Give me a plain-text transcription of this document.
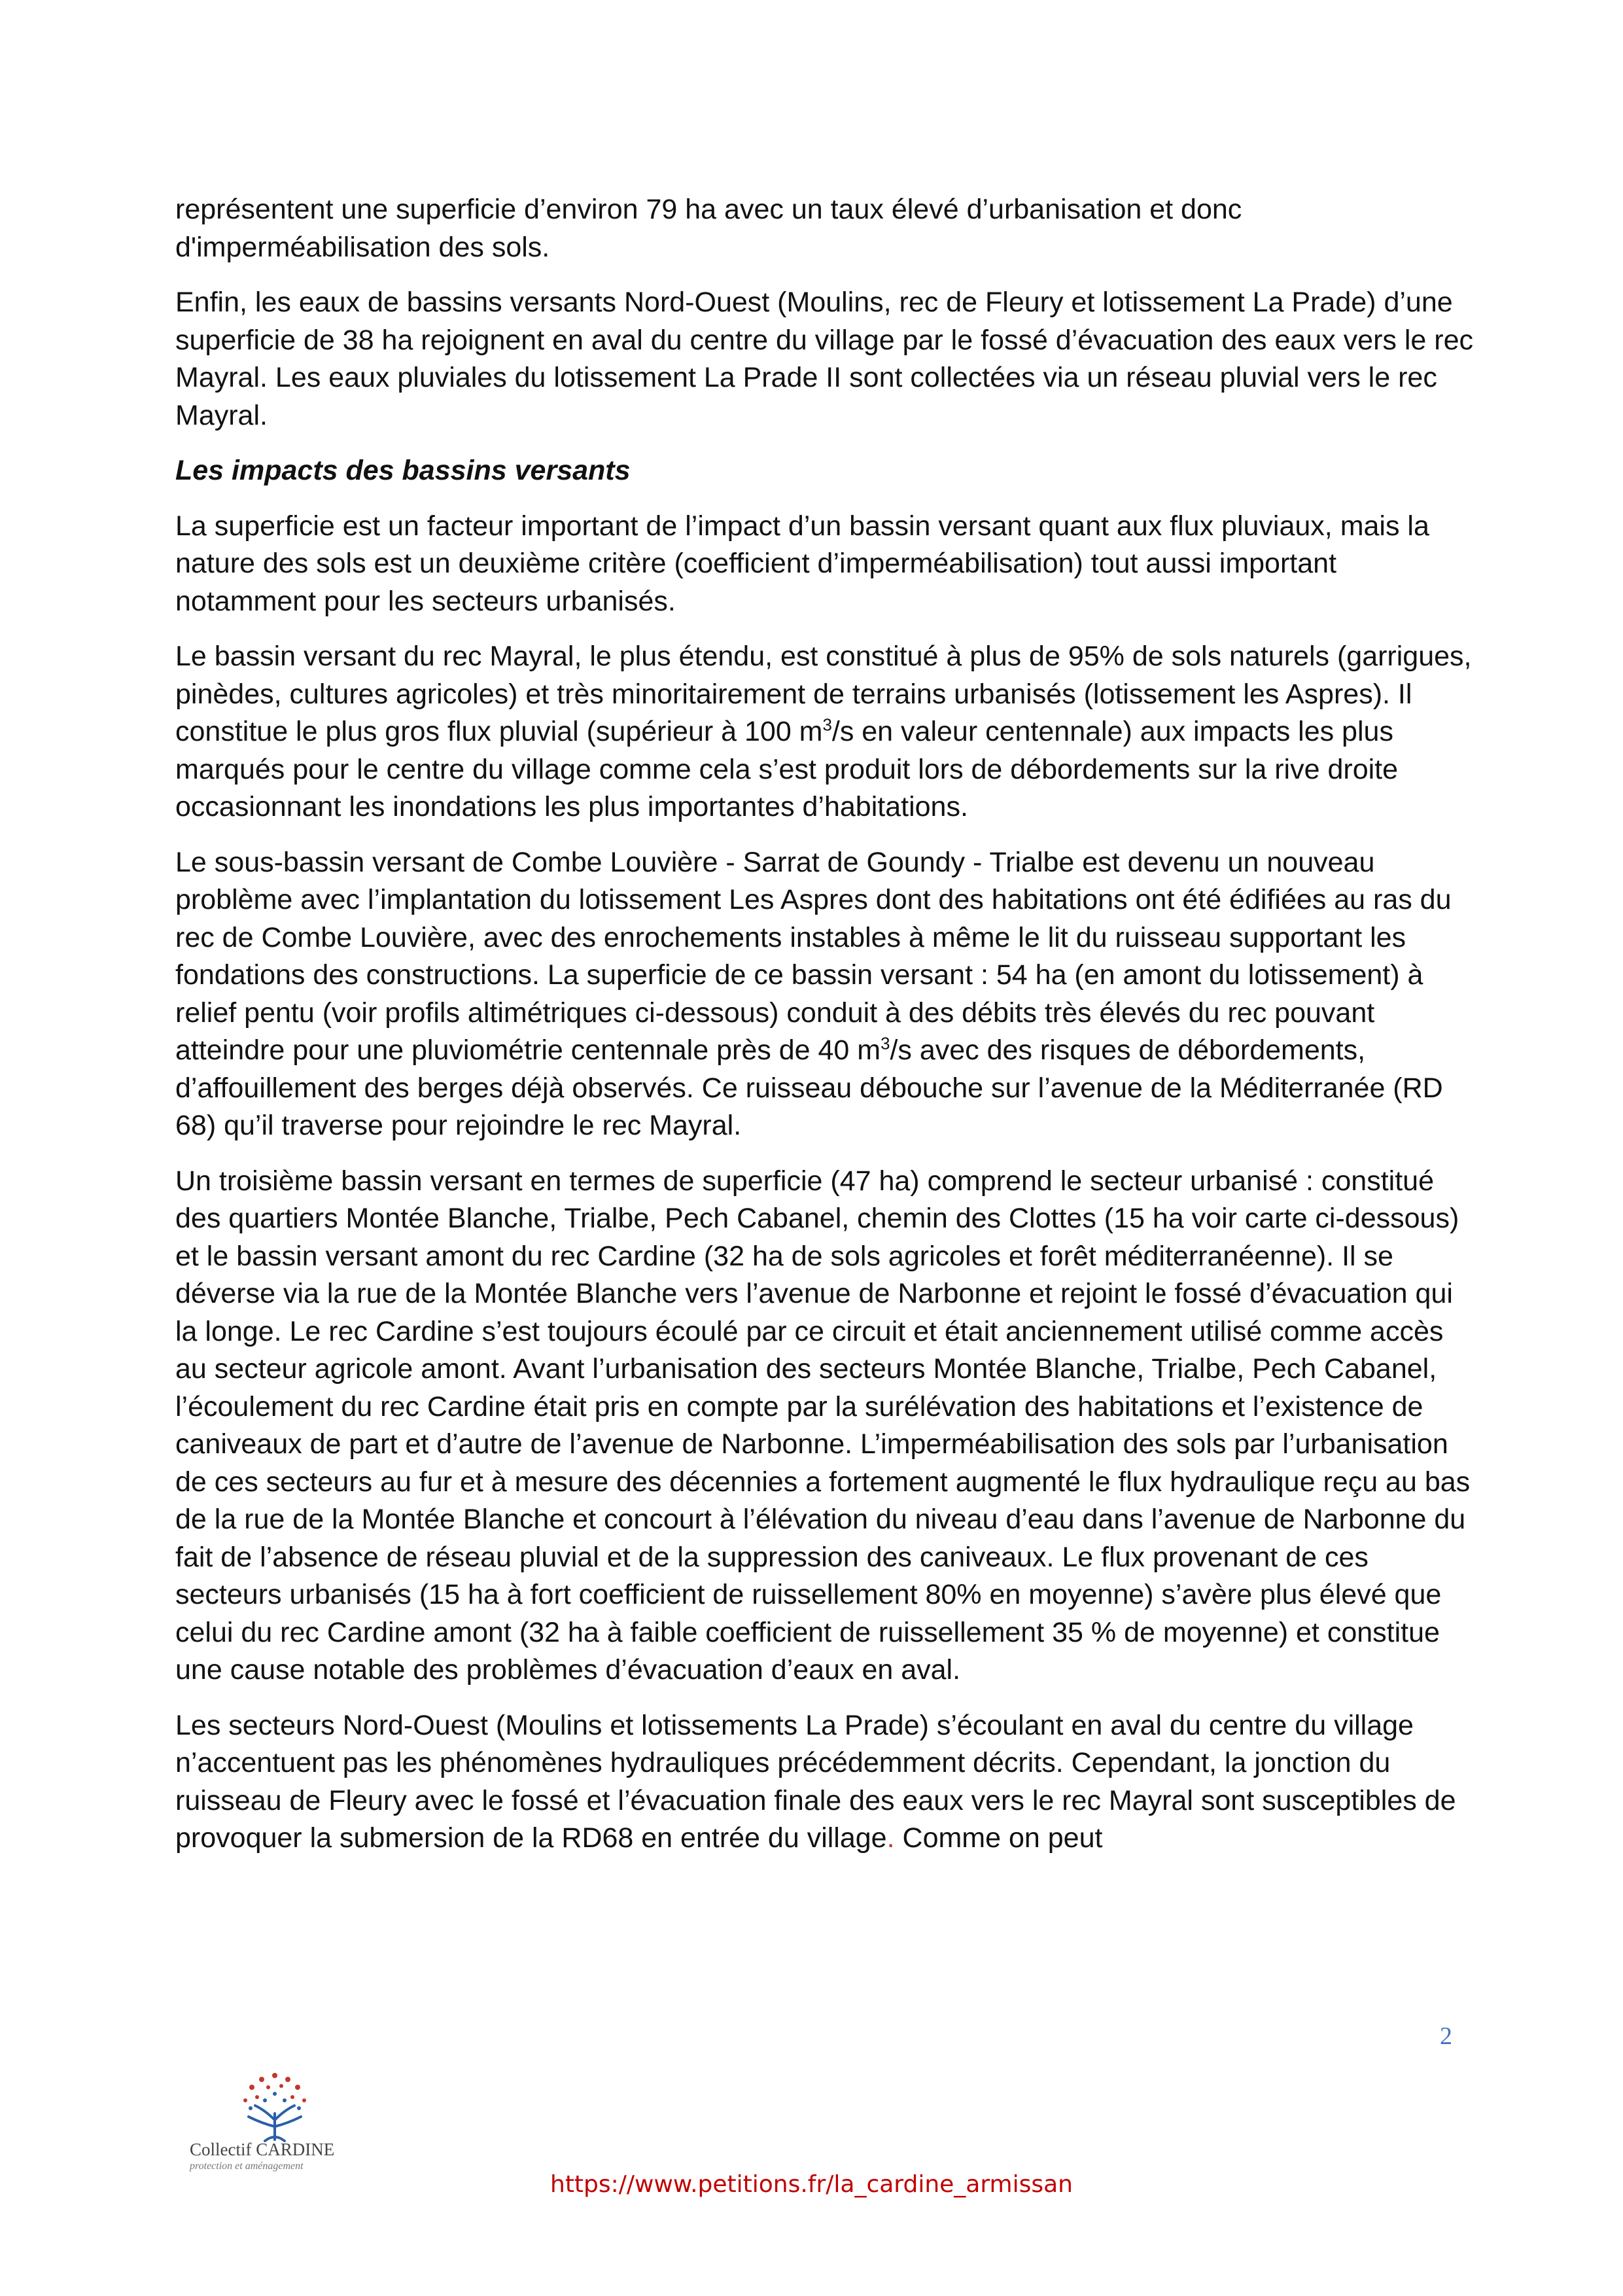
représentent une superficie d’environ 79 ha avec un taux élevé d’urbanisation et donc d'imperméabilisation des sols.

Enfin, les eaux de bassins versants Nord-Ouest (Moulins, rec de Fleury et lotissement La Prade) d’une superficie de 38 ha rejoignent en aval du centre du village par le fossé d’évacuation des eaux vers le rec Mayral. Les eaux pluviales du lotissement La Prade II sont collectées via un réseau pluvial vers le rec Mayral.

Les impacts des bassins versants

La superficie est un facteur important de l’impact d’un bassin versant quant aux flux pluviaux, mais la nature des sols est un deuxième critère (coefficient d’imperméabilisation) tout aussi important notamment pour les secteurs urbanisés.

Le bassin versant du rec Mayral, le plus étendu, est constitué à plus de 95% de sols naturels (garrigues, pinèdes, cultures agricoles) et très minoritairement de terrains urbanisés (lotissement les Aspres). Il constitue le plus gros flux pluvial (supérieur à 100 $m^3/s$ en valeur centennale) aux impacts les plus marqués pour le centre du village comme cela s’est produit lors de débordements sur la rive droite occasionnant les inondations les plus importantes d’habitations.

Le sous-bassin versant de Combe Louvière - Sarrat de Goundy - Trialbe est devenu un nouveau problème avec l’implantation du lotissement Les Aspres dont des habitations ont été édifiées au ras du rec de Combe Louvière, avec des enrochements instables à même le lit du ruisseau supportant les fondations des constructions. La superficie de ce bassin versant : 54 ha (en amont du lotissement) à relief pentu (voir profils altimétriques ci-dessous) conduit à des débits très élevés du rec pouvant atteindre pour une pluviométrie centennale près de 40 $m^3/s$ avec des risques de débordements, d’affouillement des berges déjà observés. Ce ruisseau débouche sur l’avenue de la Méditerranée (RD 68) qu’il traverse pour rejoindre le rec Mayral.

Un troisième bassin versant en termes de superficie (47 ha) comprend le secteur urbanisé : constitué des quartiers Montée Blanche, Trialbe, Pech Cabanel, chemin des Clottes (15 ha voir carte ci-dessous) et le bassin versant amont du rec Cardine (32 ha de sols agricoles et forêt méditerranéenne). Il se déverse via la rue de la Montée Blanche vers l’avenue de Narbonne et rejoint le fossé d’évacuation qui la longe. Le rec Cardine s’est toujours écoulé par ce circuit et était anciennement utilisé comme accès au secteur agricole amont. Avant l’urbanisation des secteurs Montée Blanche, Trialbe, Pech Cabanel, l’écoulement du rec Cardine était pris en compte par la surélévation des habitations et l’existence de caniveaux de part et d’autre de l’avenue de Narbonne. L’imperméabilisation des sols par l’urbanisation de ces secteurs au fur et à mesure des décennies a fortement augmenté le flux hydraulique reçu au bas de la rue de la Montée Blanche et concourt à l’élévation du niveau d’eau dans l’avenue de Narbonne du fait de l’absence de réseau pluvial et de la suppression des caniveaux. Le flux provenant de ces secteurs urbanisés (15 ha à fort coefficient de ruissellement 80% en moyenne) s’avère plus élevé que celui du rec Cardine amont (32 ha à faible coefficient de ruissellement 35 % de moyenne) et constitue une cause notable des problèmes d’évacuation d’eaux en aval.

Les secteurs Nord-Ouest (Moulins et lotissements La Prade) s’écoulant en aval du centre du village n’accentuent pas les phénomènes hydrauliques précédemment décrits. Cependant, la jonction du ruisseau de Fleury avec le fossé et l’évacuation finale des eaux vers le rec Mayral sont susceptibles de provoquer la submersion de la RD68 en entrée du village. Comme on peut

2
Collectif CARDINE
protection et aménagement
https://www.petitions.fr/la_cardine_armissan
